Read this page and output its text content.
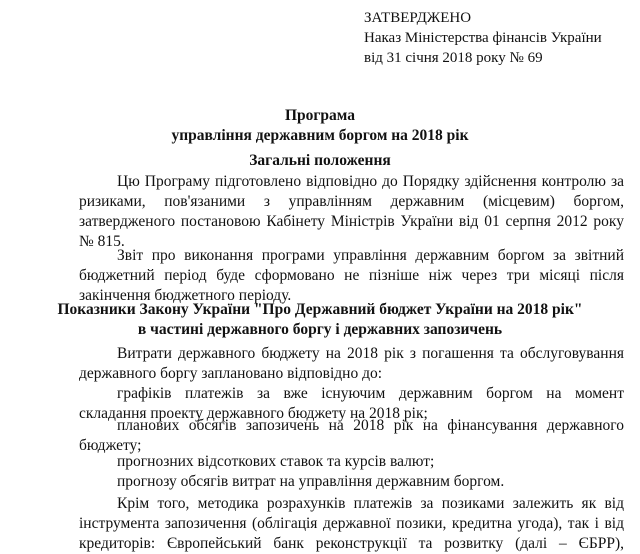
ЗАТВЕРДЖЕНО
Наказ Міністерства фінансів України
від 31 січня 2018 року № 69
Програма
управління державним боргом на 2018 рік
Загальні положення
Цю Програму підготовлено відповідно до Порядку здійснення контролю за
ризиками, пов'язаними з управлінням державним (місцевим) боргом,
затвердженого постановою Кабінету Міністрів України від 01 серпня 2012 року
№ 815.
Звіт про виконання програми управління державним боргом за звітний
бюджетний період буде сформовано не пізніше ніж через три місяці після
закінчення бюджетного періоду.
Показники Закону України "Про Державний бюджет України на 2018 рік"
в частині державного боргу і державних запозичень
Витрати державного бюджету на 2018 рік з погашення та обслуговування
державного боргу заплановано відповідно до:
графіків платежів за вже існуючим державним боргом на момент
складання проекту державного бюджету на 2018 рік;
планових обсягів запозичень на 2018 рік на фінансування державного
бюджету;
прогнозних відсоткових ставок та курсів валют;
прогнозу обсягів витрат на управління державним боргом.
Крім того, методика розрахунків платежів за позиками залежить як від
інструмента запозичення (облігація державної позики, кредитна угода), так і від
кредиторів: Європейський банк реконструкції та розвитку (далі – ЄБРР),
